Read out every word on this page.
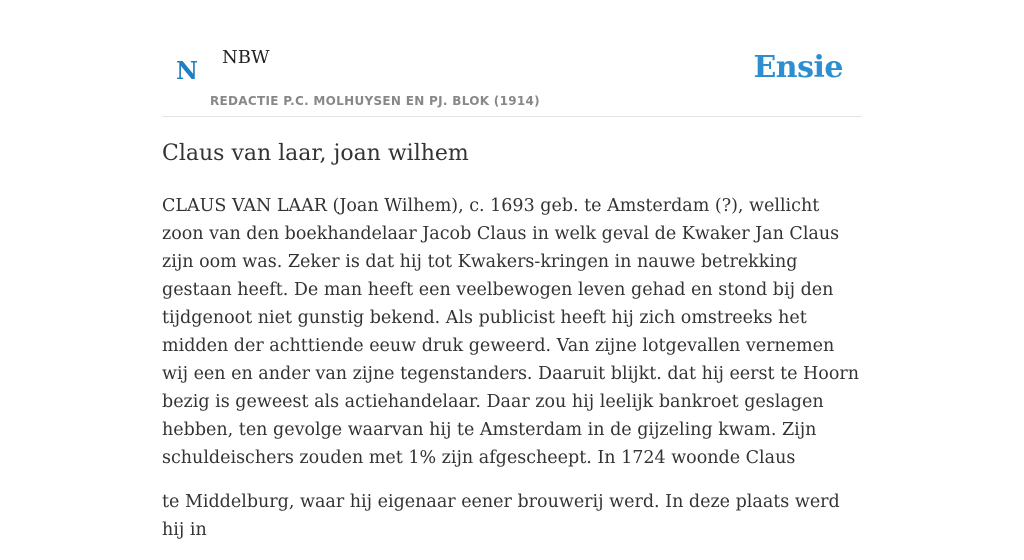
N NBW
REDACTIE P.C. MOLHUYSEN EN PJ. BLOK (1914)
Ensie
Claus van laar, joan wilhem

CLAUS VAN LAAR (Joan Wilhem), c. 1693 geb. te Amsterdam (?), wellicht zoon van den boekhandelaar Jacob Claus in welk geval de Kwaker Jan Claus zijn oom was. Zeker is dat hij tot Kwakers-kringen in nauwe betrekking gestaan heeft. De man heeft een veelbewogen leven gehad en stond bij den tijdgenoot niet gunstig bekend. Als publicist heeft hij zich omstreeks het midden der achttiende eeuw druk geweerd. Van zijne lotgevallen vernemen wij een en ander van zijne tegenstanders. Daaruit blijkt. dat hij eerst te Hoorn bezig is geweest als actiehandelaar. Daar zou hij leelijk bankroet geslagen hebben, ten gevolge waarvan hij te Amsterdam in de gijzeling kwam. Zijn schuldeischers zouden met 1% zijn afgescheept. In 1724 woonde Claus

te Middelburg, waar hij eigenaar eener brouwerij werd. In deze plaats werd hij in
